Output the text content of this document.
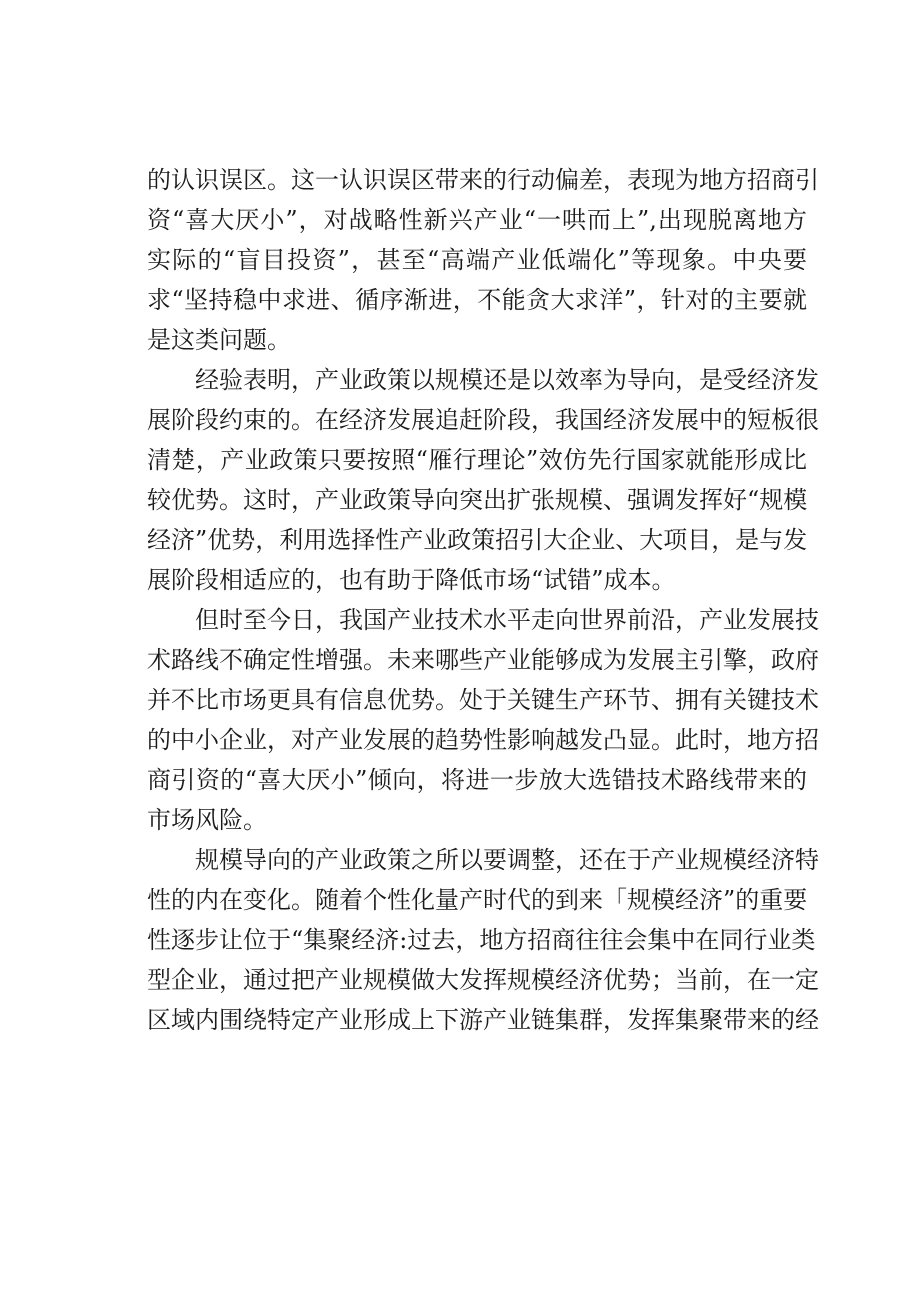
的认识误区。这一认识误区带来的行动偏差，表现为地方招商引
资“喜大厌小”，对战略性新兴产业“一哄而上”,出现脱离地方
实际的“盲目投资”，甚至“高端产业低端化”等现象。中央要
求“坚持稳中求进、循序渐进，不能贪大求洋”，针对的主要就
是这类问题。
经验表明，产业政策以规模还是以效率为导向，是受经济发
展阶段约束的。在经济发展追赶阶段，我国经济发展中的短板很
清楚，产业政策只要按照“雁行理论”效仿先行国家就能形成比
较优势。这时，产业政策导向突出扩张规模、强调发挥好“规模
经济”优势，利用选择性产业政策招引大企业、大项目，是与发
展阶段相适应的，也有助于降低市场“试错”成本。
但时至今日，我国产业技术水平走向世界前沿，产业发展技
术路线不确定性增强。未来哪些产业能够成为发展主引擎，政府
并不比市场更具有信息优势。处于关键生产环节、拥有关键技术
的中小企业，对产业发展的趋势性影响越发凸显。此时，地方招
商引资的“喜大厌小”倾向，将进一步放大选错技术路线带来的
市场风险。
规模导向的产业政策之所以要调整，还在于产业规模经济特
性的内在变化。随着个性化量产时代的到来「规模经济”的重要
性逐步让位于“集聚经济:过去，地方招商往往会集中在同行业类
型企业，通过把产业规模做大发挥规模经济优势；当前，在一定
区域内围绕特定产业形成上下游产业链集群，发挥集聚带来的经
